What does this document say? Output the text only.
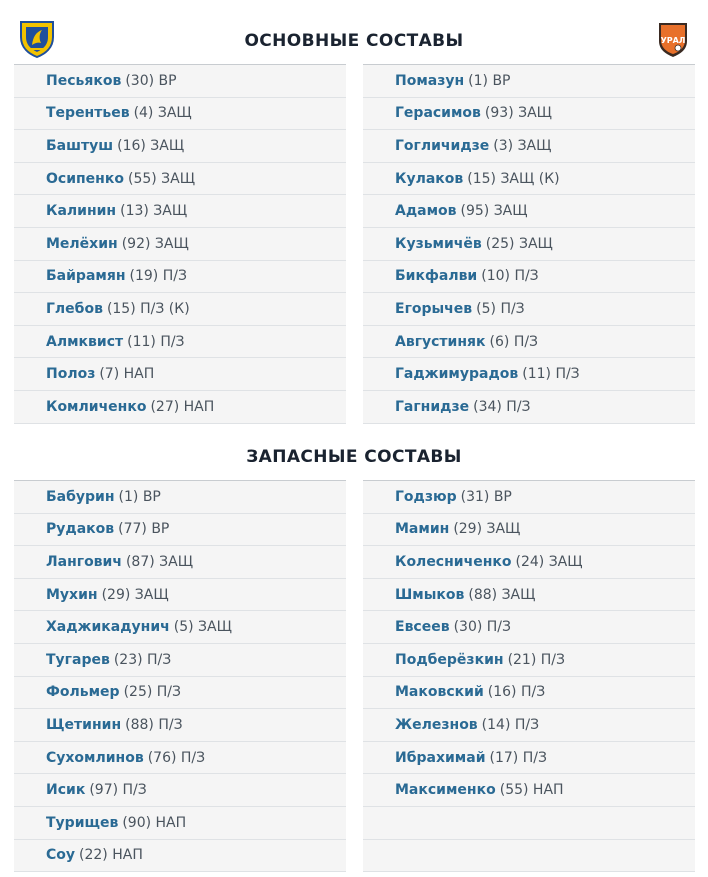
УРАЛ
ОСНОВНЫЕ СОСТАВЫ
ЗАПАСНЫЕ СОСТАВЫ
Песьяков (30) ВР
Терентьев (4) ЗАЩ
Баштуш (16) ЗАЩ
Осипенко (55) ЗАЩ
Калинин (13) ЗАЩ
Мелёхин (92) ЗАЩ
Байрамян (19) П/З
Глебов (15) П/З (К)
Алмквист (11) П/З
Полоз (7) НАП
Комличенко (27) НАП
Помазун (1) ВР
Герасимов (93) ЗАЩ
Гогличидзе (3) ЗАЩ
Кулаков (15) ЗАЩ (К)
Адамов (95) ЗАЩ
Кузьмичёв (25) ЗАЩ
Бикфалви (10) П/З
Егорычев (5) П/З
Августиняк (6) П/З
Гаджимурадов (11) П/З
Гагнидзе (34) П/З
Бабурин (1) ВР
Рудаков (77) ВР
Лангович (87) ЗАЩ
Мухин (29) ЗАЩ
Хаджикадунич (5) ЗАЩ
Тугарев (23) П/З
Фольмер (25) П/З
Щетинин (88) П/З
Сухомлинов (76) П/З
Исик (97) П/З
Турищев (90) НАП
Соу (22) НАП
Годзюр (31) ВР
Мамин (29) ЗАЩ
Колесниченко (24) ЗАЩ
Шмыков (88) ЗАЩ
Евсеев (30) П/З
Подберёзкин (21) П/З
Маковский (16) П/З
Железнов (14) П/З
Ибрахимай (17) П/З
Максименко (55) НАП
